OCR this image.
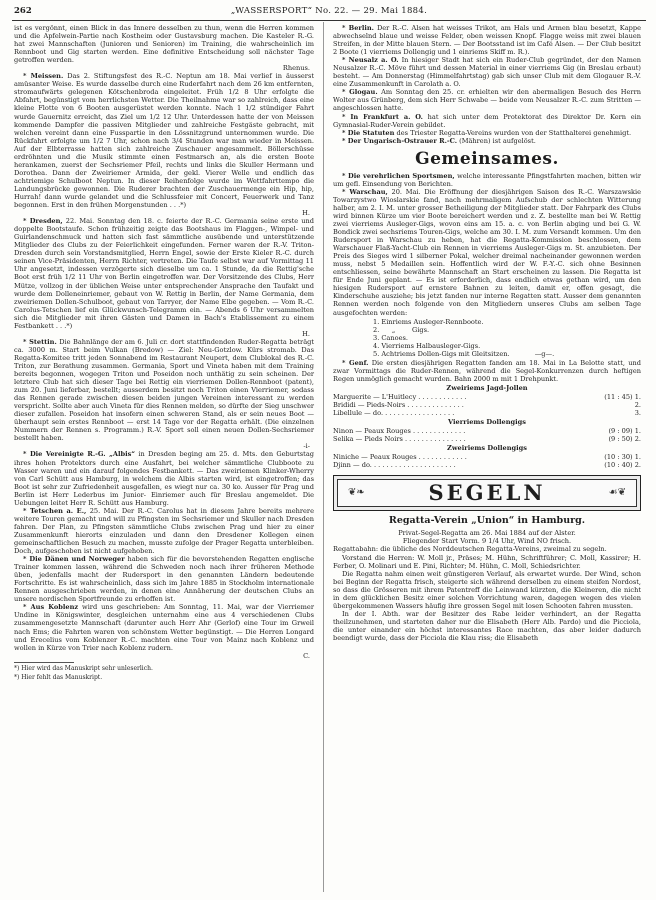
262	„WASSERSPORT“ No. 22. — 29. Mai 1884.

ist es vergönnt, einen Blick in das Innere desselben zu thun, wenn die Herren kommen und die Apfelwein-Partie nach Kostheim oder Gustavsburg machen. Die Kasteler R.-G. hat zwei Mannschaften (Junioren und Senioren) im Training, die wahrscheinlich im Rennboot und Gig starten werden. Eine definitive Entscheidung soll nächster Tage getroffen werden.

Rhenus.

* Meissen. Das 2. Stiftungsfest des R.-C. Neptun am 18. Mai verlief in äusserst amüsanter Weise. Es wurde dasselbe durch eine Ruderfahrt nach dem 26 km entfernten, stromaufwärts gelegenen Kötschenbroda eingeleitet. Früh 1/2 8 Uhr erfolgte die Abfahrt, begünstigt vom herrlichsten Wetter. Die Theilnahme war so zahlreich, dass eine kleine Flotte von 6 Booten ausgerüstet werden konnte. Nach 1 1/2 stündiger Fahrt wurde Gauernitz erreicht, das Ziel um 1/2 12 Uhr. Unterdessen hatte der von Meissen kommende Dampfer die passiven Mitglieder und zahlreiche Festgäste gebracht, mit welchen vereint dann eine Fusspartie in den Lössnitzgrund unternommen wurde. Die Rückfahrt erfolgte um 1/2 7 Uhr, schon nach 3/4 Stunden war man wieder in Meissen. Auf der Elbterrasse hatten sich zahlreiche Zuschauer angesammelt. Böllerschüsse erdröhnten und die Musik stimmte einen Festmarsch an, als die ersten Boote herankamen, zuerst der Sechsriemer Pfeil, rechts und links die Skuller Hermann und Dorothea. Dann der Zweiriemer Armida, der gekl. Vierer Welle und endlich das achtriemige Schulboot Neptun. In dieser Reihenfolge wurde im Wettfahrttempo die Landungsbrücke gewonnen. Die Ruderer brachten der Zuschauermenge ein Hip, hip, Hurrah! dann wurde gelandet und die Schlussfeier mit Concert, Feuerwerk und Tanz begonnen. Erst in den frühen Morgenstunden . . .*)

H.

* Dresden, 22. Mai. Sonntag den 18. c. feierte der R.-C. Germania seine erste und doppelte Bootstaufe. Schon frühzeitig zeigte das Bootshaus im Flaggen-, Wimpel- und Guirlandenschmuck und hatten sich fast sämmtliche ausübende und unterstützende Mitglieder des Clubs zu der Feierlichkeit eingefunden. Ferner waren der R.-V. Triton-Dresden durch sein Vorstandsmitglied, Herrn Engel, sowie der Erste Kieler R.-C. durch seinen Vice-Präsidenten, Herrn Richter, vertreten. Die Taufe selbst war auf Vormittag 11 Uhr angesetzt, indessen verzögerte sich dieselbe um ca. 1 Stunde, da die Rettig'sche Boot erst früh 1/2 11 Uhr von Berlin eingetroffen war. Der Vorsitzende des Clubs, Herr Mütze, vollzog in der üblichen Weise unter entsprechender Ansprache den Taufakt und wurde dem Dolleneinriemer, gebaut von W. Rettig in Berlin, der Name Germania, dem zweiriemen Dollen-Schulboot, gebaut von Tarryer, der Name Elbe gegeben. — Vom R.-C. Carolus-Tetschen lief ein Glückwunsch-Telegramm ein. — Abends 6 Uhr versammelten sich die Mitglieder mit ihren Gästen und Damen in Bach's Etablissement zu einem Festbankett . . .*)

H.

* Stettin. Die Bahnlänge der am 6. Juli cr. dort stattfindenden Ruder-Regatta beträgt ca. 3000 m. Start beim Vulkan (Bredow) — Ziel: Neu-Gotzlow. Kürs stromab. Das Regatta-Komitee tritt jeden Sonnabend im Restaurant Neupert, dem Clublokal des R.-C. Triton, zur Berathung zusammen. Germania, Sport und Vineta haben mit dem Training bereits begonnen, wogegen Triton und Poseidon noch unthätig zu sein scheinen. Der letztere Club hat sich dieser Tage bei Rettig ein vierriemen Dollen-Rennboot (patent), zum 20. Juni lieferbar, bestellt; ausserdem besitzt noch Triton einen Vierriemer, sodass das Rennen gerade zwischen diesen beiden jungen Vereinen interessant zu werden verspricht. Sollte aber auch Vineta für dies Rennen melden, so dürfte der Sieg unschwer dieser zufallen. Poseidon hat insofern einen schweren Stand, als er sein neues Boot — überhaupt sein erstes Rennboot — erst 14 Tage vor der Regatta erhält. (Die einzelnen Nummern der Rennen s. Programm.) R.-V. Sport soll einen neuen Dollen-Sechsriemer bestellt haben.

-i-

* Die Vereinigte R.-G. „Albis“ in Dresden beging am 25. d. Mts. den Geburtstag ihres hohen Protektors durch eine Ausfahrt, bei welcher sämmtliche Clubboote zu Wasser waren und ein darauf folgendes Festbankett. — Das zweiriemen Klinker-Wherry von Carl Schütt aus Hamburg, in welchem die Albis starten wird, ist eingetroffen; das Boot ist sehr zur Zufriedenheit ausgefallen, es wiegt nur ca. 30 ko. Ausser für Prag und Berlin ist Herr Lederbus im Junior- Einriemer auch für Breslau angemeldet. Die Uebungen leitet Herr R. Schütt aus Hamburg.

* Tetschen a. E., 25. Mai. Der R.-C. Carolus hat in diesem Jahre bereits mehrere weitere Touren gemacht und will zu Pfingsten im Sechsriemer und Skuller nach Dresden fahren. Der Plan, zu Pfingsten sämmtliche Clubs zwischen Prag und hier zu einer Zusammenkunft hierorts einzuladen und dann den Dresdener Kollegen einen gemeinschaftlichen Besuch zu machen, musste zufolge der Prager Regatta unterbleiben. Doch, aufgeschoben ist nicht aufgehoben.

* Die Dänen und Norweger haben sich für die bevorstehenden Regatten englische Trainer kommen lassen, während die Schweden noch nach ihrer früheren Methode üben, jedenfalls macht der Rudersport in den genannten Ländern bedeutende Fortschritte. Es ist wahrscheinlich, dass sich im Jahre 1885 in Stockholm internationale Rennen ausgeschrieben werden, in denen eine Annäherung der deutschen Clubs an unsere nordischen Sportfreunde zu erhoffen ist.

* Aus Koblenz wird uns geschrieben: Am Sonntag, 11. Mai, war der Vierriemer Undine in Königswinter, desgleichen unternahm eine aus 4 verschiedenen Clubs zusammengesetzte Mannschaft (darunter auch Herr Ahr (Gerlof) eine Tour im Grweil nach Ems; die Fahrten waren von schönstem Wetter begünstigt. — Die Herren Longard und Erecelius vom Koblenzer R.-C. machten eine Tour von Mainz nach Koblenz und wollen in Kürze von Trier nach Koblenz rudern.

C.
*) Hier wird das Manuskript sehr unleserlich.
*) Hier fehlt das Manuskript.

* Berlin. Der R.-C. Alsen hat weisses Trikot, am Hals und Armen blau besetzt, Kappe abwechselnd blaue und weisse Felder, oben weissen Knopf. Flagge weiss mit zwei blauen Streifen, in der Mitte blauen Stern. — Der Bootsstand ist im Café Alsen. — Der Club besitzt 2 Boote (1 vierriems Dollengig und 1 einriems Skiff m. R.).

* Neusalz a. O. In hiesiger Stadt hat sich ein Ruder-Club gegründet, der den Namen Neusalzer R.-C. Möve führt und dessen Material in einer vierriems Gig (in Breslau erbaut) besteht. — Am Donnerstag (Himmelfahrtstag) gab sich unser Club mit dem Glogauer R.-V. eine Zusammenkunft in Carolath a. O.

* Glogau. Am Sonntag den 25. cr. erhielten wir den abermaligen Besuch des Herrn Wolter aus Grünberg, dem sich Herr Schwabe — beide vom Neusalzer R.-C. zum Stritten — angeschlossen hatte.

* In Frankfurt a. O. hat sich unter dem Protektorat des Direktor Dr. Kern ein Gymnasial-Ruder-Verein gebildet.

* Die Statuten des Triester Regatta-Vereins wurden von der Statthalterei genehmigt.

* Der Ungarisch-Ostrauer R.-C. (Mähren) ist aufgelöst.

Gemeinsames.

* Die verehrlichen Sportsmen, welche interessante Pfingstfahrten machen, bitten wir um gefl. Einsendung von Berichten.

* Warschau, 20. Mai. Die Eröffnung der diesjährigen Saison des R.-C. Warszawskie Towarzystwo Wioslarskie fand, nach mehrmaligem Aufschub der schlechten Witterung halber, am 2. I. M. unter grosser Betheiligung der Mitglieder statt. Der Fahrpark des Clubs wird binnen Kürze um vier Boote bereichert werden und z. Z. bestellte man bei W. Rettig zwei vierriems Ausleger-Gigs, wovon eins am 15. a. c. von Berlin abging und bei G. W. Bondick zwei sechsriems Touren-Gigs, welche am 30. I. M. zum Versandt kommen. Um den Rudersport in Warschau zu heben, hat die Regatta-Kommission beschlossen, dem Warschauer Flaß-Yacht-Club ein Rennen in vierriems Ausleger-Gigs m. St. anzubieten. Der Preis des Sieges wird 1 silberner Pokal, welcher dreimal nacheinander gewonnen werden muss, nebst 5 Medaillen sein. Hoffentlich wird der W. F.-Y.-C. sich ohne Besinnen entschliessen, seine bewährte Mannschaft an Start erscheinen zu lassen. Die Regatta ist für Ende Juni geplant. — Es ist erforderlich, dass endlich etwas gethan wird, um den hiesigen Rudersport auf ernstere Bahnen zu leiten, damit er, offen gesagt, die Kinderschuhe ausziehe; bis jetzt fanden nur interne Regatten statt. Ausser dem genannten Rennen werden noch folgende von den Mitgliedern unseres Clubs am selben Tage ausgefochten werden:

1. Einriems Ausleger-Rennboote.
2.      „        Gigs.
3. Canoes.
4. Vierriems Halbausleger-Gigs.
5. Achtriems Dollen-Gigs mit Gleitsitzen.            —g—.

* Genf. Die ersten diesjährigen Regatten fanden am 18. Mai in La Belotte statt, und zwar Vormittags die Ruder-Rennen, während die Segel-Konkurrenzen durch heftigen Regen unmöglich gemacht wurden. Bahn 2000 m mit 1 Drehpunkt.

Zweiriems Jagd-Jollen
Marguerite — L'Huitlecy . . . . . . . . . . . .	(11 : 45) 1.
Brididi — Pieds-Noirs . . . . . . . . . . . . . .	2.
Libellule — do. . . . . . . . . . . . . . . . . .	3.
Vierriems Dollengigs
Ninon — Peaux Rouges . . . . . . . . . . . . .	(9 : 09) 1.
Selika — Pieds Noirs . . . . . . . . . . . . . . .	(9 : 50) 2.
Zweiriems Dollengigs
Niniche — Peaux Rouges . . . . . . . . . . . .	(10 : 30) 1.
Djinn — do. . . . . . . . . . . . . . . . . . . . .	(10 : 40) 2.
❦❧	SEGELN	☙❦
Regatta-Verein „Union“ in Hamburg.

Privat-Segel-Regatta am 26. Mai 1884 auf der Alster.

Fliegender Start Vorm. 9 1/4 Uhr, Wind NO frisch.

Regattabahn: die übliche des Norddeutschen Regatta-Vereins, zweimal zu segeln.

Vorstand die Herren: W. Moll jr., Präses; M. Hühn, Schriftführer; C. Moll, Kassirer; H. Ferber, O. Molinari und E. Pini, Richter; M. Hühn, C. Moll, Schiedsrichter.

Die Regatta nahm einen weit günstigeren Verlauf, als erwartet wurde. Der Wind, schon bei Beginn der Regatta frisch, steigerte sich während derselben zu einem steifen Nordost, so dass die Grösseren mit ihrem Patentreff die Leinwand kürzten, die Kleineren, die nicht in dem glücklichen Besitz einer solchen Vorrichtung waren, dagegen wegen des vielen übergekommenen Wassers häufig ihre grossen Segel mit losen Schooten fahren mussten.

In der I. Abth. war der Besitzer des Rabe leider verhindert, an der Regatta theilzunehmen, und starteten daher nur die Elisabeth (Herr Alb. Pardo) und die Picciola, die unter einander ein höchst interessantes Race machten, das aber leider dadurch beendigt wurde, dass der Picciola die Klau riss; die Elisabeth
